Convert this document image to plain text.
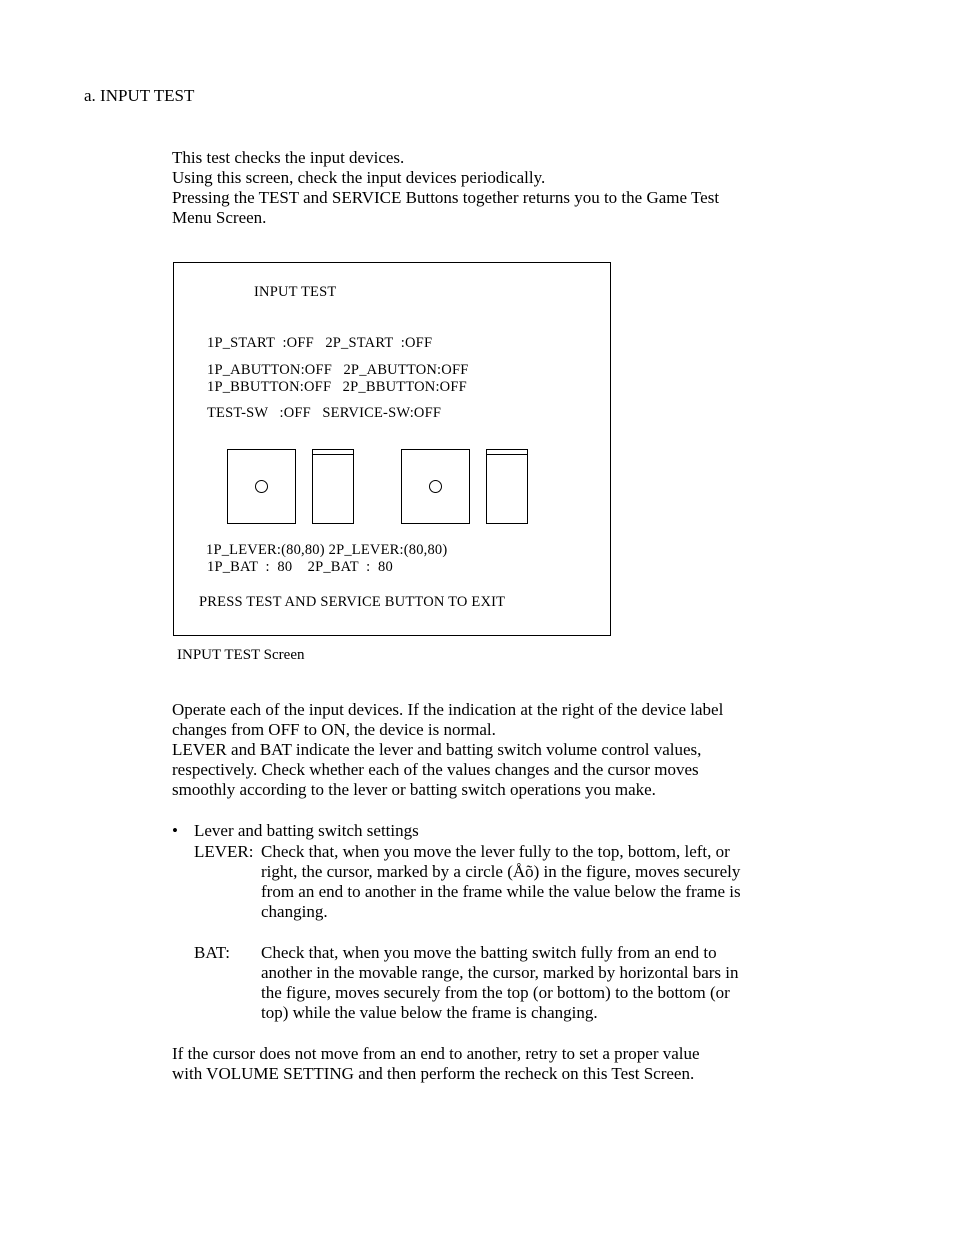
a. INPUT TEST
This test checks the input devices.
Using this screen, check the input devices periodically.
Pressing the TEST and SERVICE Buttons together returns you to the Game Test
Menu Screen.
INPUT TEST
1P_START  :OFF   2P_START  :OFF
1P_ABUTTON:OFF   2P_ABUTTON:OFF
1P_BBUTTON:OFF   2P_BBUTTON:OFF
TEST-SW   :OFF   SERVICE-SW:OFF
1P_LEVER:(80,80) 2P_LEVER:(80,80)
1P_BAT  :  80    2P_BAT  :  80
PRESS TEST AND SERVICE BUTTON TO EXIT
INPUT TEST Screen
Operate each of the input devices. If the indication at the right of the device label
changes from OFF to ON, the device is normal.
LEVER and BAT indicate the lever and batting switch volume control values,
respectively. Check whether each of the values changes and the cursor moves
smoothly according to the lever or batting switch operations you make.
• Lever and batting switch settings
LEVER: Check that, when you move the lever fully to the top, bottom, left, or
right, the cursor, marked by a circle (Åõ) in the figure, moves securely
from an end to another in the frame while the value below the frame is
changing.
BAT: Check that, when you move the batting switch fully from an end to
another in the movable range, the cursor, marked by horizontal bars in
the figure, moves securely from the top (or bottom) to the bottom (or
top) while the value below the frame is changing.
If the cursor does not move from an end to another, retry to set a proper value
with VOLUME SETTING and then perform the recheck on this Test Screen.
